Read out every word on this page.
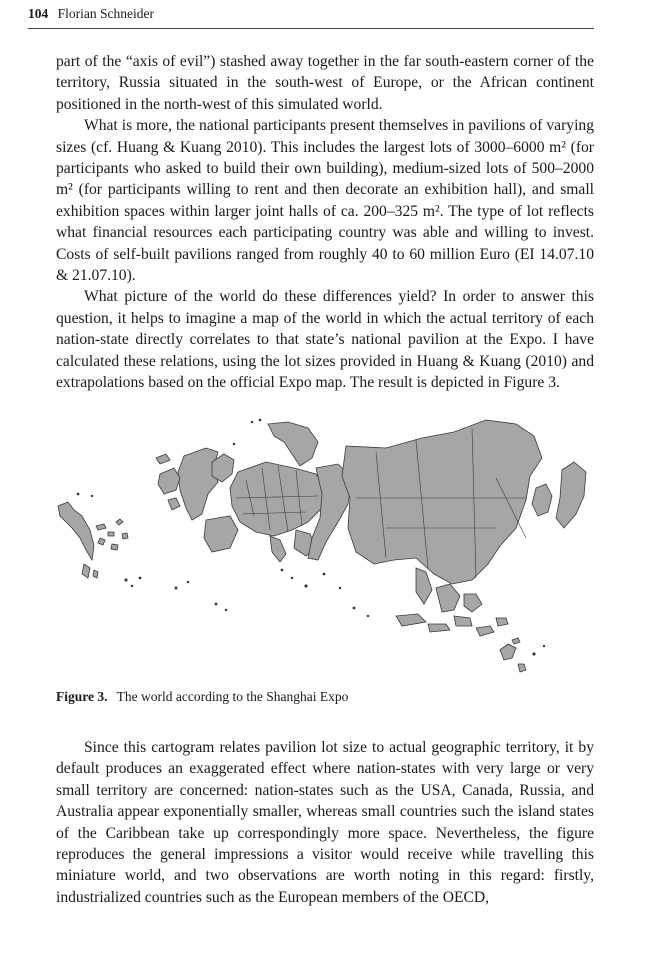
104 Florian Schneider

part of the “axis of evil”) stashed away together in the far south-eastern corner of the territory, Russia situated in the south-west of Europe, or the African continent positioned in the north-west of this simulated world.

What is more, the national participants present themselves in pavilions of varying sizes (cf. Huang & Kuang 2010). This includes the largest lots of 3000–6000 m² (for participants who asked to build their own building), medium-sized lots of 500–2000 m² (for participants willing to rent and then decorate an exhibition hall), and small exhibition spaces within larger joint halls of ca. 200–325 m². The type of lot reflects what financial resources each participating country was able and willing to invest. Costs of self-built pavilions ranged from roughly 40 to 60 million Euro (EI 14.07.10 & 21.07.10).

What picture of the world do these differences yield? In order to answer this question, it helps to imagine a map of the world in which the actual territory of each nation-state directly correlates to that state’s national pavilion at the Expo. I have calculated these relations, using the lot sizes provided in Huang & Kuang (2010) and extrapolations based on the official Expo map. The result is depicted in Figure 3.

Figure 3. The world according to the Shanghai Expo

Since this cartogram relates pavilion lot size to actual geographic territory, it by default produces an exaggerated effect where nation-states with very large or very small territory are concerned: nation-states such as the USA, Canada, Russia, and Australia appear exponentially smaller, whereas small countries such the island states of the Caribbean take up correspondingly more space. Nevertheless, the figure reproduces the general impressions a visitor would receive while travelling this miniature world, and two observations are worth noting in this regard: firstly, industrialized countries such as the European members of the OECD,
